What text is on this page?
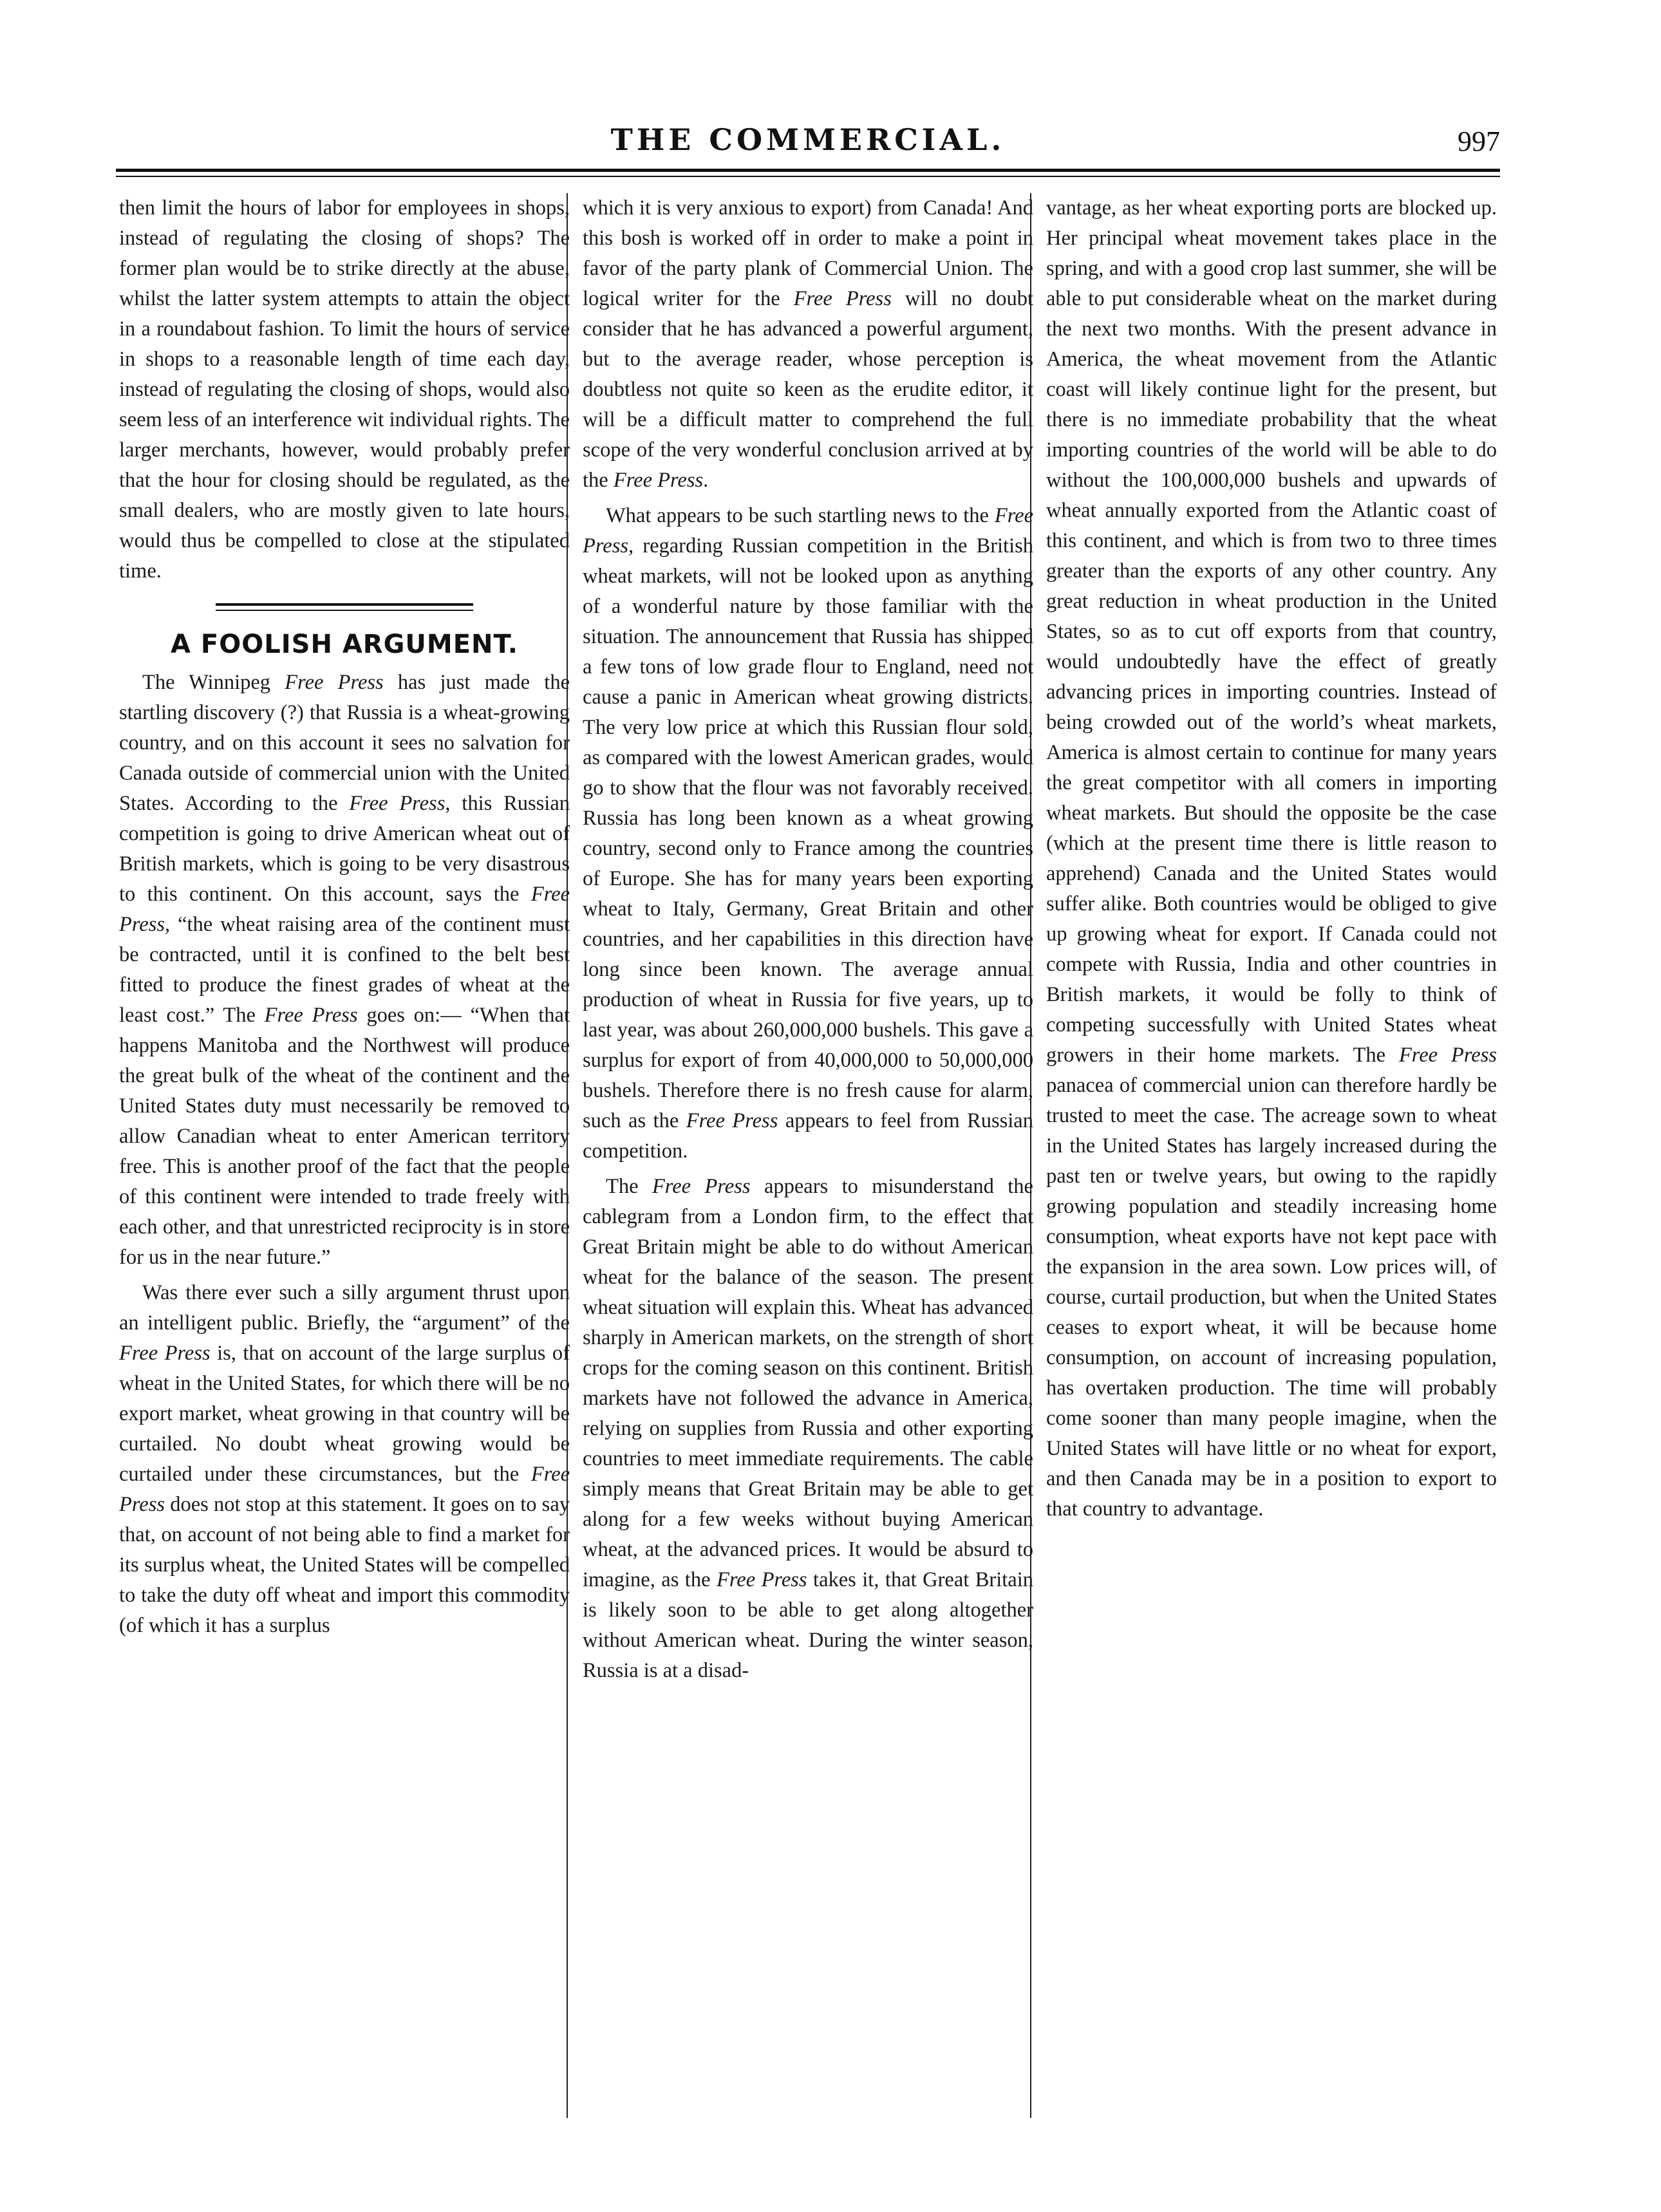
THE COMMERCIAL.	997

then limit the hours of labor for employees in shops, instead of regulating the closing of shops? The former plan would be to strike directly at the abuse, whilst the latter system attempts to attain the object in a roundabout fashion. To limit the hours of service in shops to a reasonable length of time each day, instead of regulating the closing of shops, would also seem less of an interference wit individual rights. The larger merchants, however, would probably prefer that the hour for closing should be regulated, as the small dealers, who are mostly given to late hours, would thus be compelled to close at the stipulated time.

A FOOLISH ARGUMENT.

The Winnipeg Free Press has just made the startling discovery (?) that Russia is a wheat-growing country, and on this account it sees no salvation for Canada outside of commercial union with the United States. According to the Free Press, this Russian competition is going to drive American wheat out of British markets, which is going to be very disastrous to this continent. On this account, says the Free Press, “the wheat raising area of the continent must be contracted, until it is confined to the belt best fitted to produce the finest grades of wheat at the least cost.” The Free Press goes on:— “When that happens Manitoba and the Northwest will produce the great bulk of the wheat of the continent and the United States duty must necessarily be removed to allow Canadian wheat to enter American territory free. This is another proof of the fact that the people of this continent were intended to trade freely with each other, and that unrestricted reciprocity is in store for us in the near future.”

Was there ever such a silly argument thrust upon an intelligent public. Briefly, the “argument” of the Free Press is, that on account of the large surplus of wheat in the United States, for which there will be no export market, wheat growing in that country will be curtailed. No doubt wheat growing would be curtailed under these circumstances, but the Free Press does not stop at this statement. It goes on to say that, on account of not being able to find a market for its surplus wheat, the United States will be compelled to take the duty off wheat and import this commodity (of which it has a surplus

which it is very anxious to export) from Canada! And this bosh is worked off in order to make a point in favor of the party plank of Commercial Union. The logical writer for the Free Press will no doubt consider that he has advanced a powerful argument, but to the average reader, whose perception is doubtless not quite so keen as the erudite editor, it will be a difficult matter to comprehend the full scope of the very wonderful conclusion arrived at by the Free Press.

What appears to be such startling news to the Free Press, regarding Russian competition in the British wheat markets, will not be looked upon as anything of a wonderful nature by those familiar with the situation. The announcement that Russia has shipped a few tons of low grade flour to England, need not cause a panic in American wheat growing districts. The very low price at which this Russian flour sold, as compared with the lowest American grades, would go to show that the flour was not favorably received. Russia has long been known as a wheat growing country, second only to France among the countries of Europe. She has for many years been exporting wheat to Italy, Germany, Great Britain and other countries, and her capabilities in this direction have long since been known. The average annual production of wheat in Russia for five years, up to last year, was about 260,000,000 bushels. This gave a surplus for export of from 40,000,000 to 50,000,000 bushels. Therefore there is no fresh cause for alarm, such as the Free Press appears to feel from Russian competition.

The Free Press appears to misunderstand the cablegram from a London firm, to the effect that Great Britain might be able to do without American wheat for the balance of the season. The present wheat situation will explain this. Wheat has advanced sharply in American markets, on the strength of short crops for the coming season on this continent. British markets have not followed the advance in America, relying on supplies from Russia and other exporting countries to meet immediate requirements. The cable simply means that Great Britain may be able to get along for a few weeks without buying American wheat, at the advanced prices. It would be absurd to imagine, as the Free Press takes it, that Great Britain is likely soon to be able to get along altogether without American wheat. During the winter season, Russia is at a disad-

vantage, as her wheat exporting ports are blocked up. Her principal wheat movement takes place in the spring, and with a good crop last summer, she will be able to put considerable wheat on the market during the next two months. With the present advance in America, the wheat movement from the Atlantic coast will likely continue light for the present, but there is no immediate probability that the wheat importing countries of the world will be able to do without the 100,000,000 bushels and upwards of wheat annually exported from the Atlantic coast of this continent, and which is from two to three times greater than the exports of any other country. Any great reduction in wheat production in the United States, so as to cut off exports from that country, would undoubtedly have the effect of greatly advancing prices in importing countries. Instead of being crowded out of the world’s wheat markets, America is almost certain to continue for many years the great competitor with all comers in importing wheat markets. But should the opposite be the case (which at the present time there is little reason to apprehend) Canada and the United States would suffer alike. Both countries would be obliged to give up growing wheat for export. If Canada could not compete with Russia, India and other countries in British markets, it would be folly to think of competing successfully with United States wheat growers in their home markets. The Free Press panacea of commercial union can therefore hardly be trusted to meet the case. The acreage sown to wheat in the United States has largely increased during the past ten or twelve years, but owing to the rapidly growing population and steadily increasing home consumption, wheat exports have not kept pace with the expansion in the area sown. Low prices will, of course, curtail production, but when the United States ceases to export wheat, it will be because home consumption, on account of increasing population, has overtaken production. The time will probably come sooner than many people imagine, when the United States will have little or no wheat for export, and then Canada may be in a position to export to that country to advantage.
